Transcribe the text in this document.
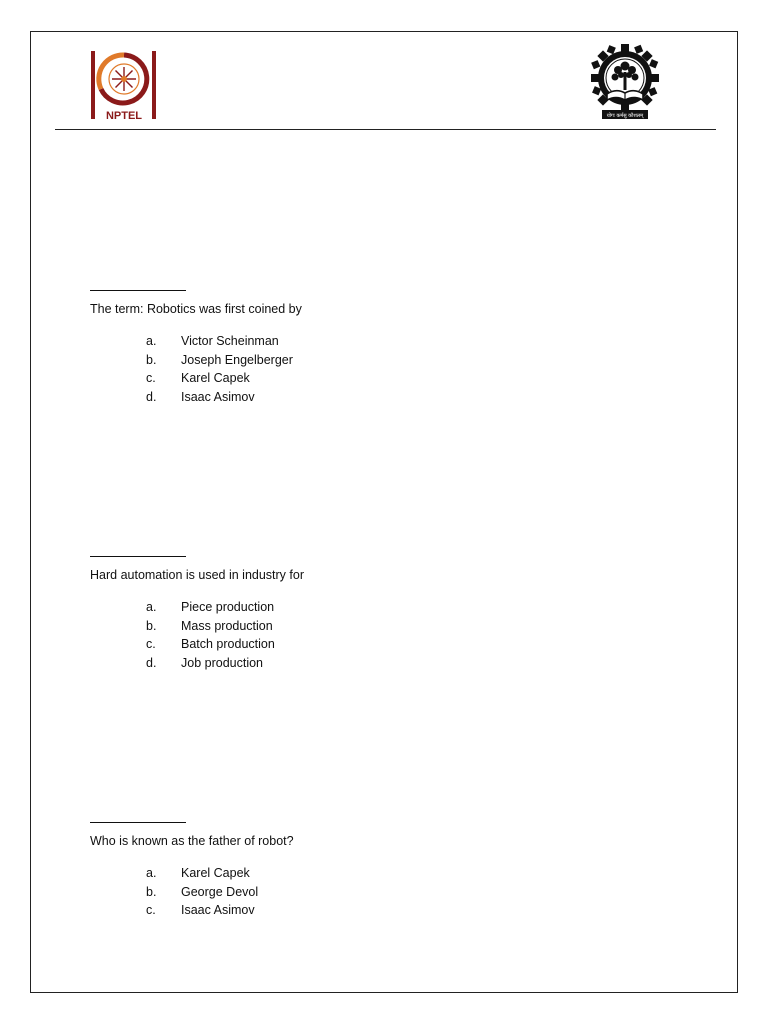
NPTEL	योगः कर्मसु कौशलम्

The term: Robotics was first coined by

a.	Victor Scheinman
b.	Joseph Engelberger
c.	Karel Capek
d.	Isaac Asimov

Hard automation is used in industry for

a.	Piece production
b.	Mass production
c.	Batch production
d.	Job production

Who is known as the father of robot?

a.	Karel Capek
b.	George Devol
c.	Isaac Asimov
